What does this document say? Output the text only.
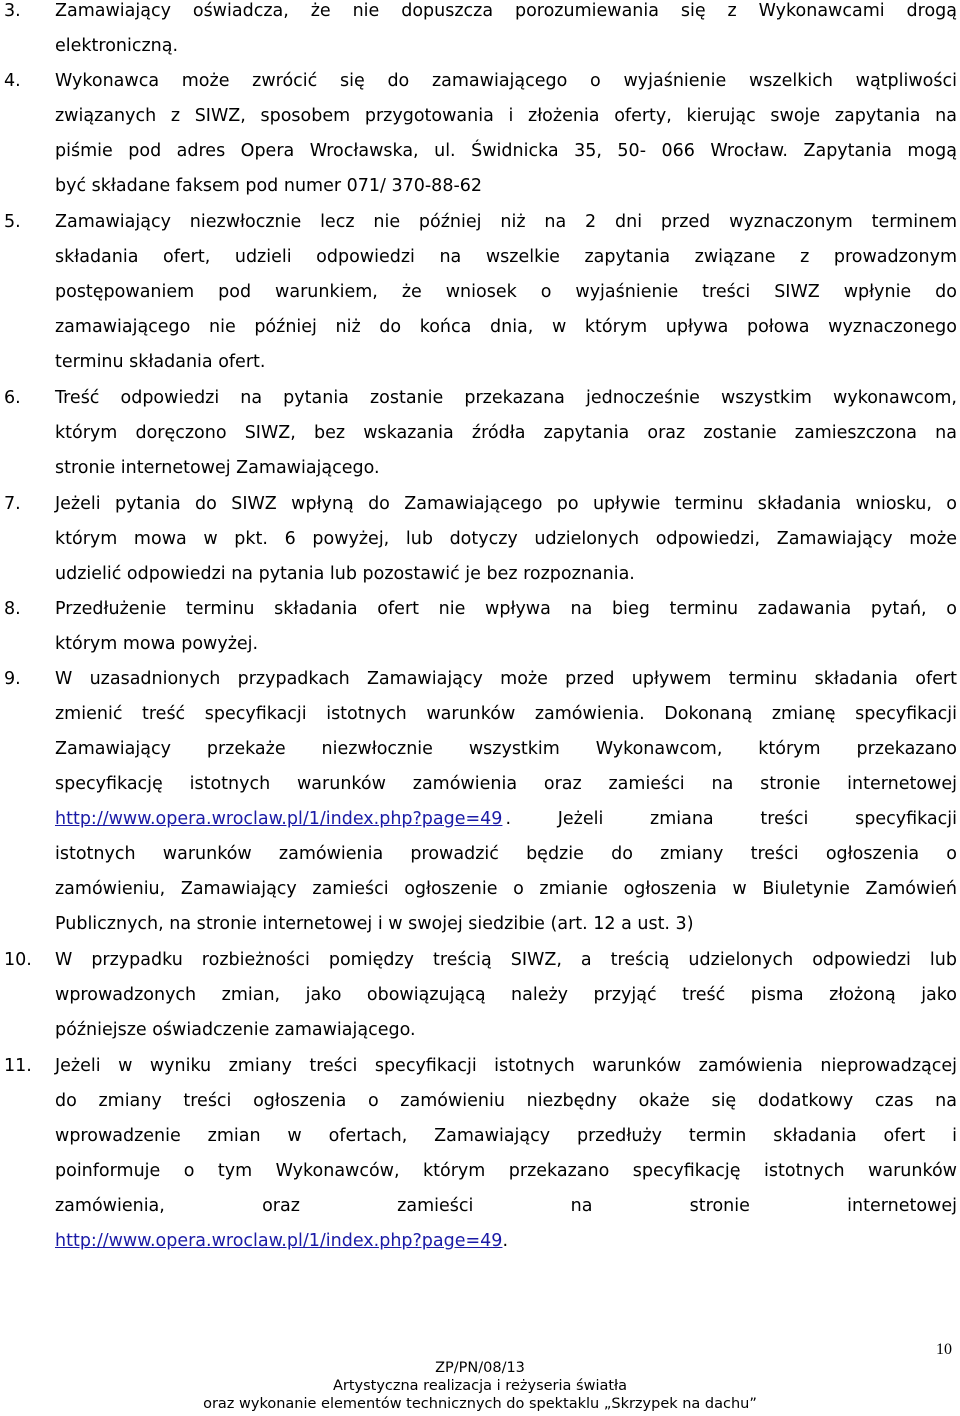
3. Zamawiający oświadcza, że nie dopuszcza porozumiewania się z Wykonawcami drogą
elektroniczną.
4. Wykonawca może zwrócić się do zamawiającego o wyjaśnienie wszelkich wątpliwości
związanych z SIWZ, sposobem przygotowania i złożenia oferty, kierując swoje zapytania na
piśmie pod adres Opera Wrocławska, ul. Świdnicka 35, 50- 066 Wrocław. Zapytania mogą
być składane faksem pod numer 071/ 370-88-62
5. Zamawiający niezwłocznie lecz nie później niż na 2 dni przed wyznaczonym terminem
składania ofert, udzieli odpowiedzi na wszelkie zapytania związane z prowadzonym
postępowaniem pod warunkiem, że wniosek o wyjaśnienie treści SIWZ wpłynie do
zamawiającego nie później niż do końca dnia, w którym upływa połowa wyznaczonego
terminu składania ofert.
6. Treść odpowiedzi na pytania zostanie przekazana jednocześnie wszystkim wykonawcom,
którym doręczono SIWZ, bez wskazania źródła zapytania oraz zostanie zamieszczona na
stronie internetowej Zamawiającego.
7. Jeżeli pytania do SIWZ wpłyną do Zamawiającego po upływie terminu składania wniosku, o
którym mowa w pkt. 6 powyżej, lub dotyczy udzielonych odpowiedzi, Zamawiający może
udzielić odpowiedzi na pytania lub pozostawić je bez rozpoznania.
8. Przedłużenie terminu składania ofert nie wpływa na bieg terminu zadawania pytań, o
którym mowa powyżej.
9. W uzasadnionych przypadkach Zamawiający może przed upływem terminu składania ofert
zmienić treść specyfikacji istotnych warunków zamówienia. Dokonaną zmianę specyfikacji
Zamawiający przekaże niezwłocznie wszystkim Wykonawcom, którym przekazano
specyfikację istotnych warunków zamówienia oraz zamieści na stronie internetowej
http://www.opera.wroclaw.pl/1/index.php?page=49 . Jeżeli zmiana treści specyfikacji
istotnych warunków zamówienia prowadzić będzie do zmiany treści ogłoszenia o
zamówieniu, Zamawiający zamieści ogłoszenie o zmianie ogłoszenia w Biuletynie Zamówień
Publicznych, na stronie internetowej i w swojej siedzibie (art. 12 a ust. 3)
10. W przypadku rozbieżności pomiędzy treścią SIWZ, a treścią udzielonych odpowiedzi lub
wprowadzonych zmian, jako obowiązującą należy przyjąć treść pisma złożoną jako
późniejsze oświadczenie zamawiającego.
11. Jeżeli w wyniku zmiany treści specyfikacji istotnych warunków zamówienia nieprowadzącej
do zmiany treści ogłoszenia o zamówieniu niezbędny okaże się dodatkowy czas na
wprowadzenie zmian w ofertach, Zamawiający przedłuży termin składania ofert i
poinformuje o tym Wykonawców, którym przekazano specyfikację istotnych warunków
zamówienia, oraz zamieści na stronie internetowej
http://www.opera.wroclaw.pl/1/index.php?page=49.
10
ZP/PN/08/13
Artystyczna realizacja i reżyseria światła
oraz wykonanie elementów technicznych do spektaklu „Skrzypek na dachu”
